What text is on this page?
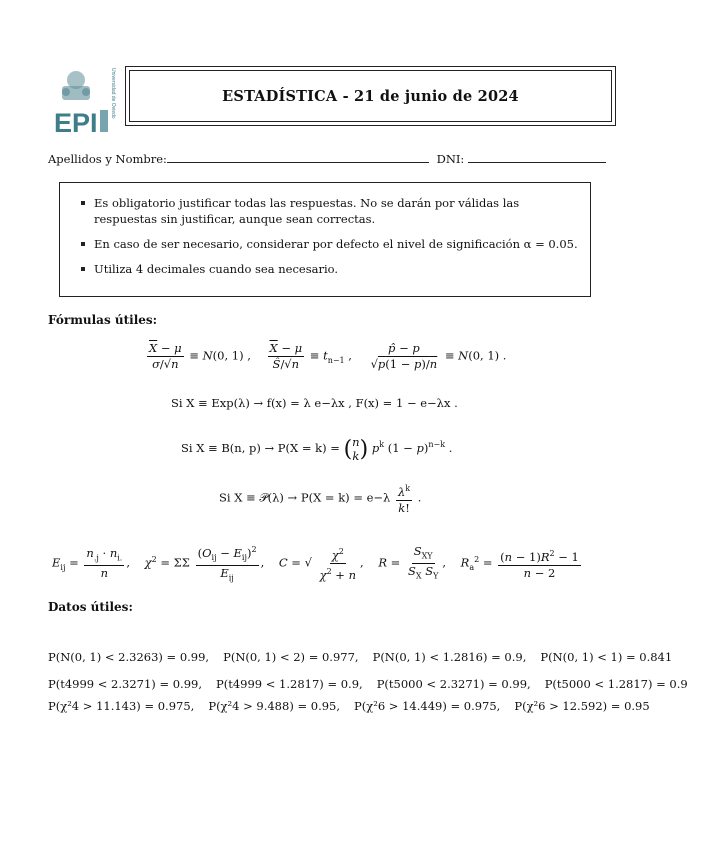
EPI
Universidad de Oviedo	ESTADÍSTICA - 21 de junio de 2024
Apellidos y Nombre:	DNI:
Es obligatorio justificar todas las respuestas. No se darán por válidas las respuestas sin justificar, aunque sean correctas.
En caso de ser necesario, considerar por defecto el nivel de significación α = 0.05.
Utiliza 4 decimales cuando sea necesario.
Fórmulas útiles:
$\frac{\overline{X} - \mu}{\sigma/√n} \equiv N(0$, 1) , $\frac{\overline{X} - \mu}{Ŝ/√n} \equiv t_{n-1}$ , $\frac{p̂ - p}{√p(1 - p)/n} \equiv N(0$, 1) .
Si X ≡ Exp(λ) → f(x) = λ e−λx , F(x) = 1 − e−λx .
Si X ≡ B(n, p) → P(X = k) = ( n
k ) $p^k$ $(1 - p)^{n-k}$ .
Si X ≡ 𝒫(λ) → $P(X = k) = e-\lambda \frac{\lambda^k}{k!}$ .
$E_{ij} = \frac{n_{.j} \cdot n_{i.}}{n}$ ,    $\chi^2 = \Sigma\Sigma \frac{(O_{ij} - E_{ij})^2}{E_{ij}}$ ,    C = √ $\frac{\chi^2}{\chi^2 + n}$ ,    $R = \frac{S_{XY}}{S_X S_Y}$ ,    $R_a^2 = \frac{(n - 1)R^2 - 1}{n - 2}$
Datos útiles:
P(N(0, 1) < 2.3263) = 0.99, P(N(0, 1) < 2) = 0.977, P(N(0, 1) < 1.2816) = 0.9, P(N(0, 1) < 1) = 0.841
P(t4999 < 2.3271) = 0.99, P(t4999 < 1.2817) = 0.9, P(t5000 < 2.3271) = 0.99, P(t5000 < 1.2817) = 0.9
P(χ²4 > 11.143) = 0.975, P(χ²4 > 9.488) = 0.95, P(χ²6 > 14.449) = 0.975, P(χ²6 > 12.592) = 0.95
